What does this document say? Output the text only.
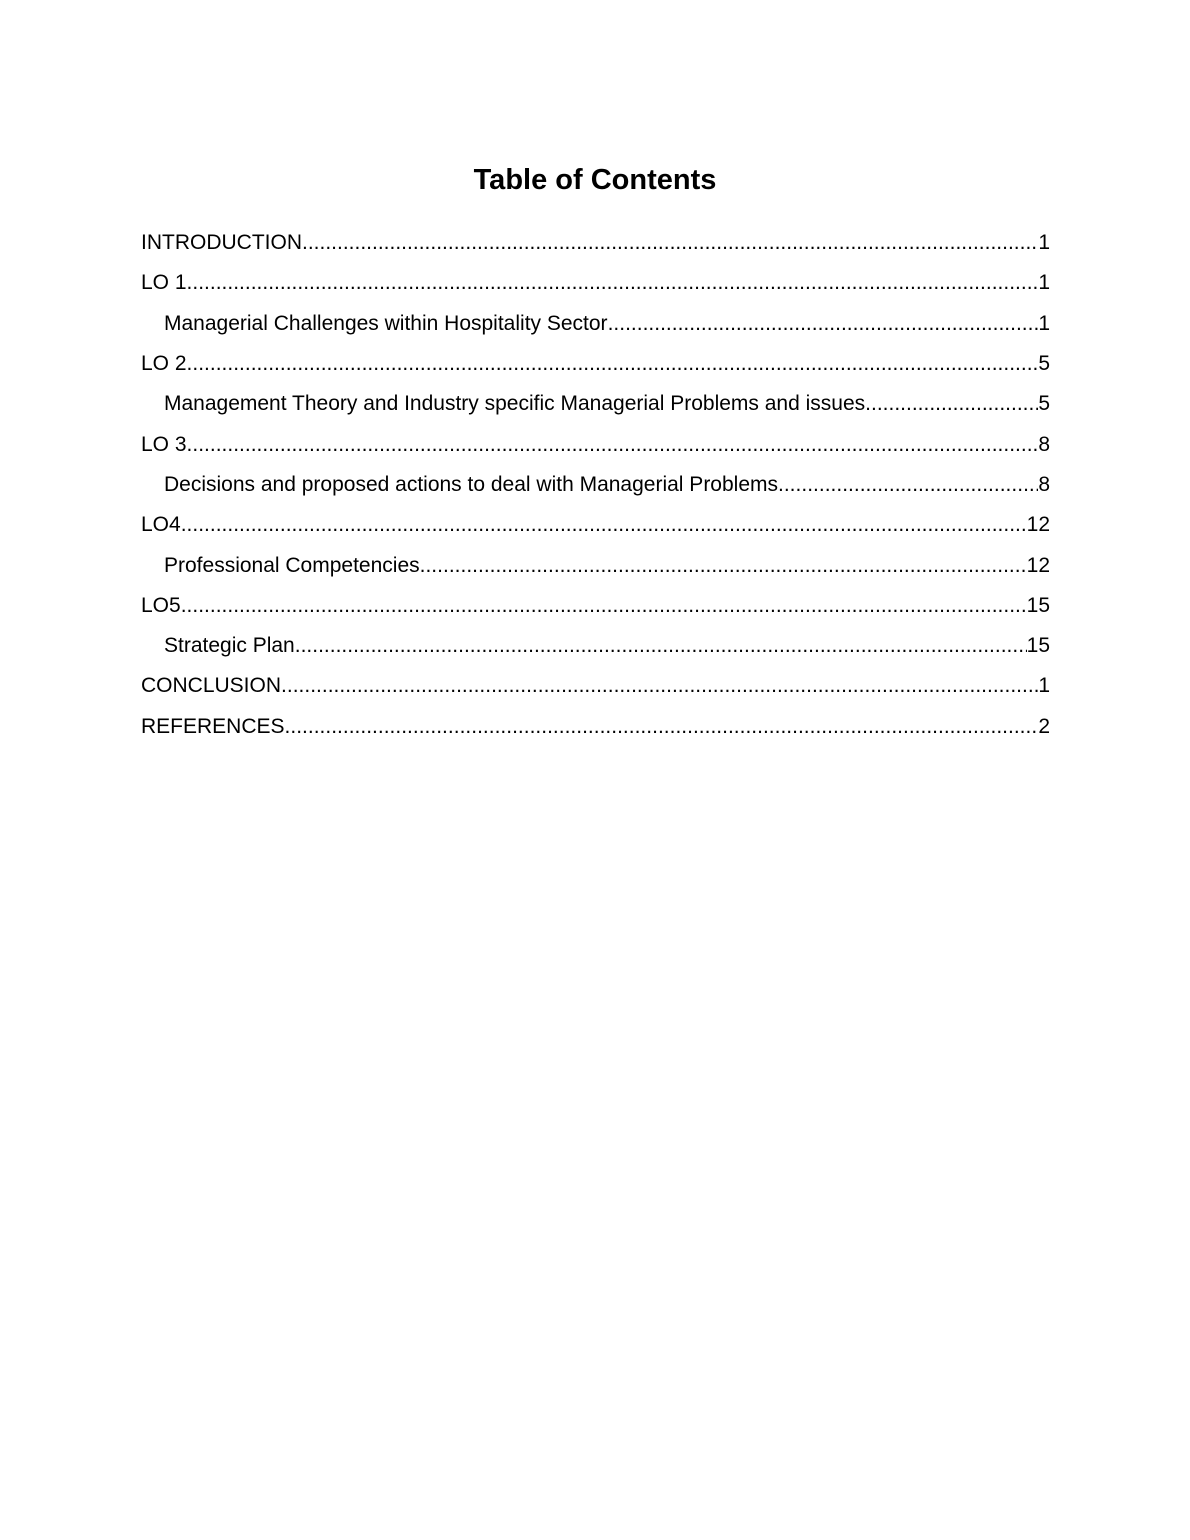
Table of Contents
INTRODUCTION .....	1
LO 1 .....	1
Managerial Challenges within Hospitality Sector .....	1
LO 2 .....	5
Management Theory and Industry specific Managerial Problems and issues .....	5
LO 3 .....	8
Decisions and proposed actions to deal with Managerial Problems .....	8
LO4 .....	12
Professional Competencies .....	12
LO5 .....	15
Strategic Plan .....	15
CONCLUSION .....	1
REFERENCES .....	2
